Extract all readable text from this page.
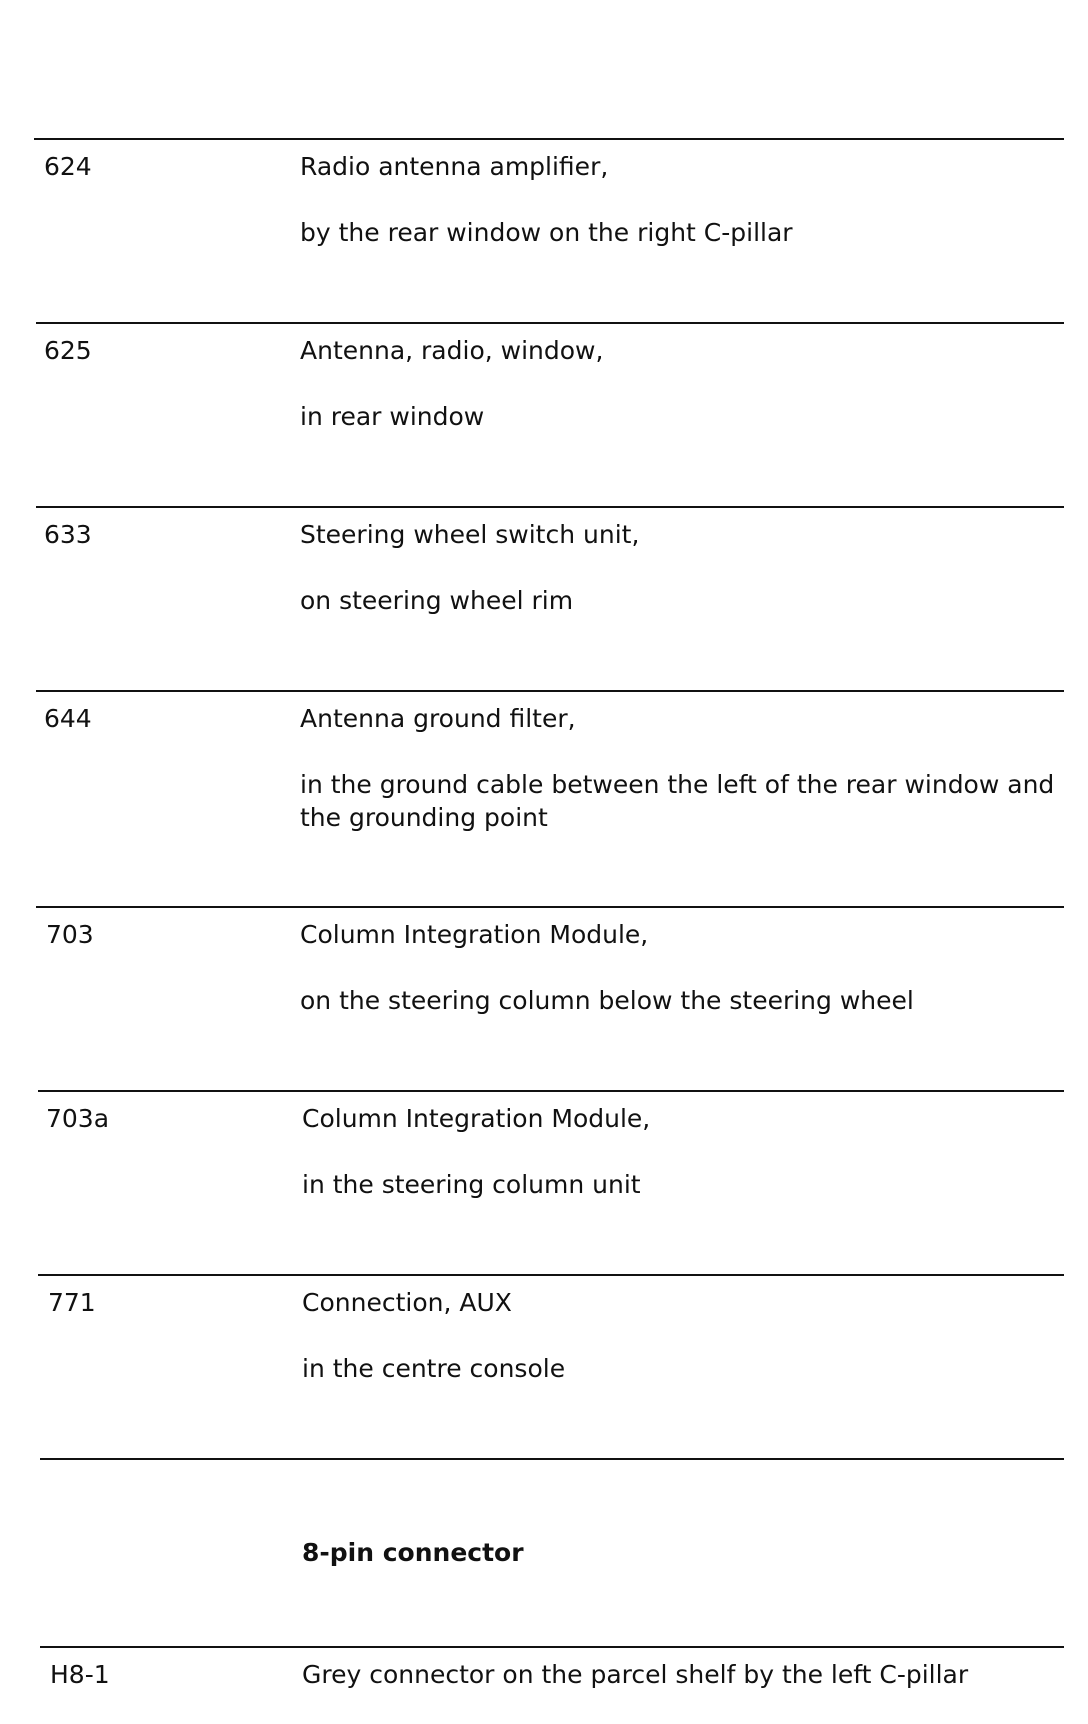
624	Radio antenna amplifier,
by the rear window on the right C-pillar
625	Antenna, radio, window,
in rear window
633	Steering wheel switch unit,
on steering wheel rim
644	Antenna ground filter,
in the ground cable between the left of the rear window and the grounding point
703	Column Integration Module,
on the steering column below the steering wheel
703a	Column Integration Module,
in the steering column unit
771	Connection, AUX
in the centre console
8-pin connector
H8-1	Grey connector on the parcel shelf by the left C-pillar
